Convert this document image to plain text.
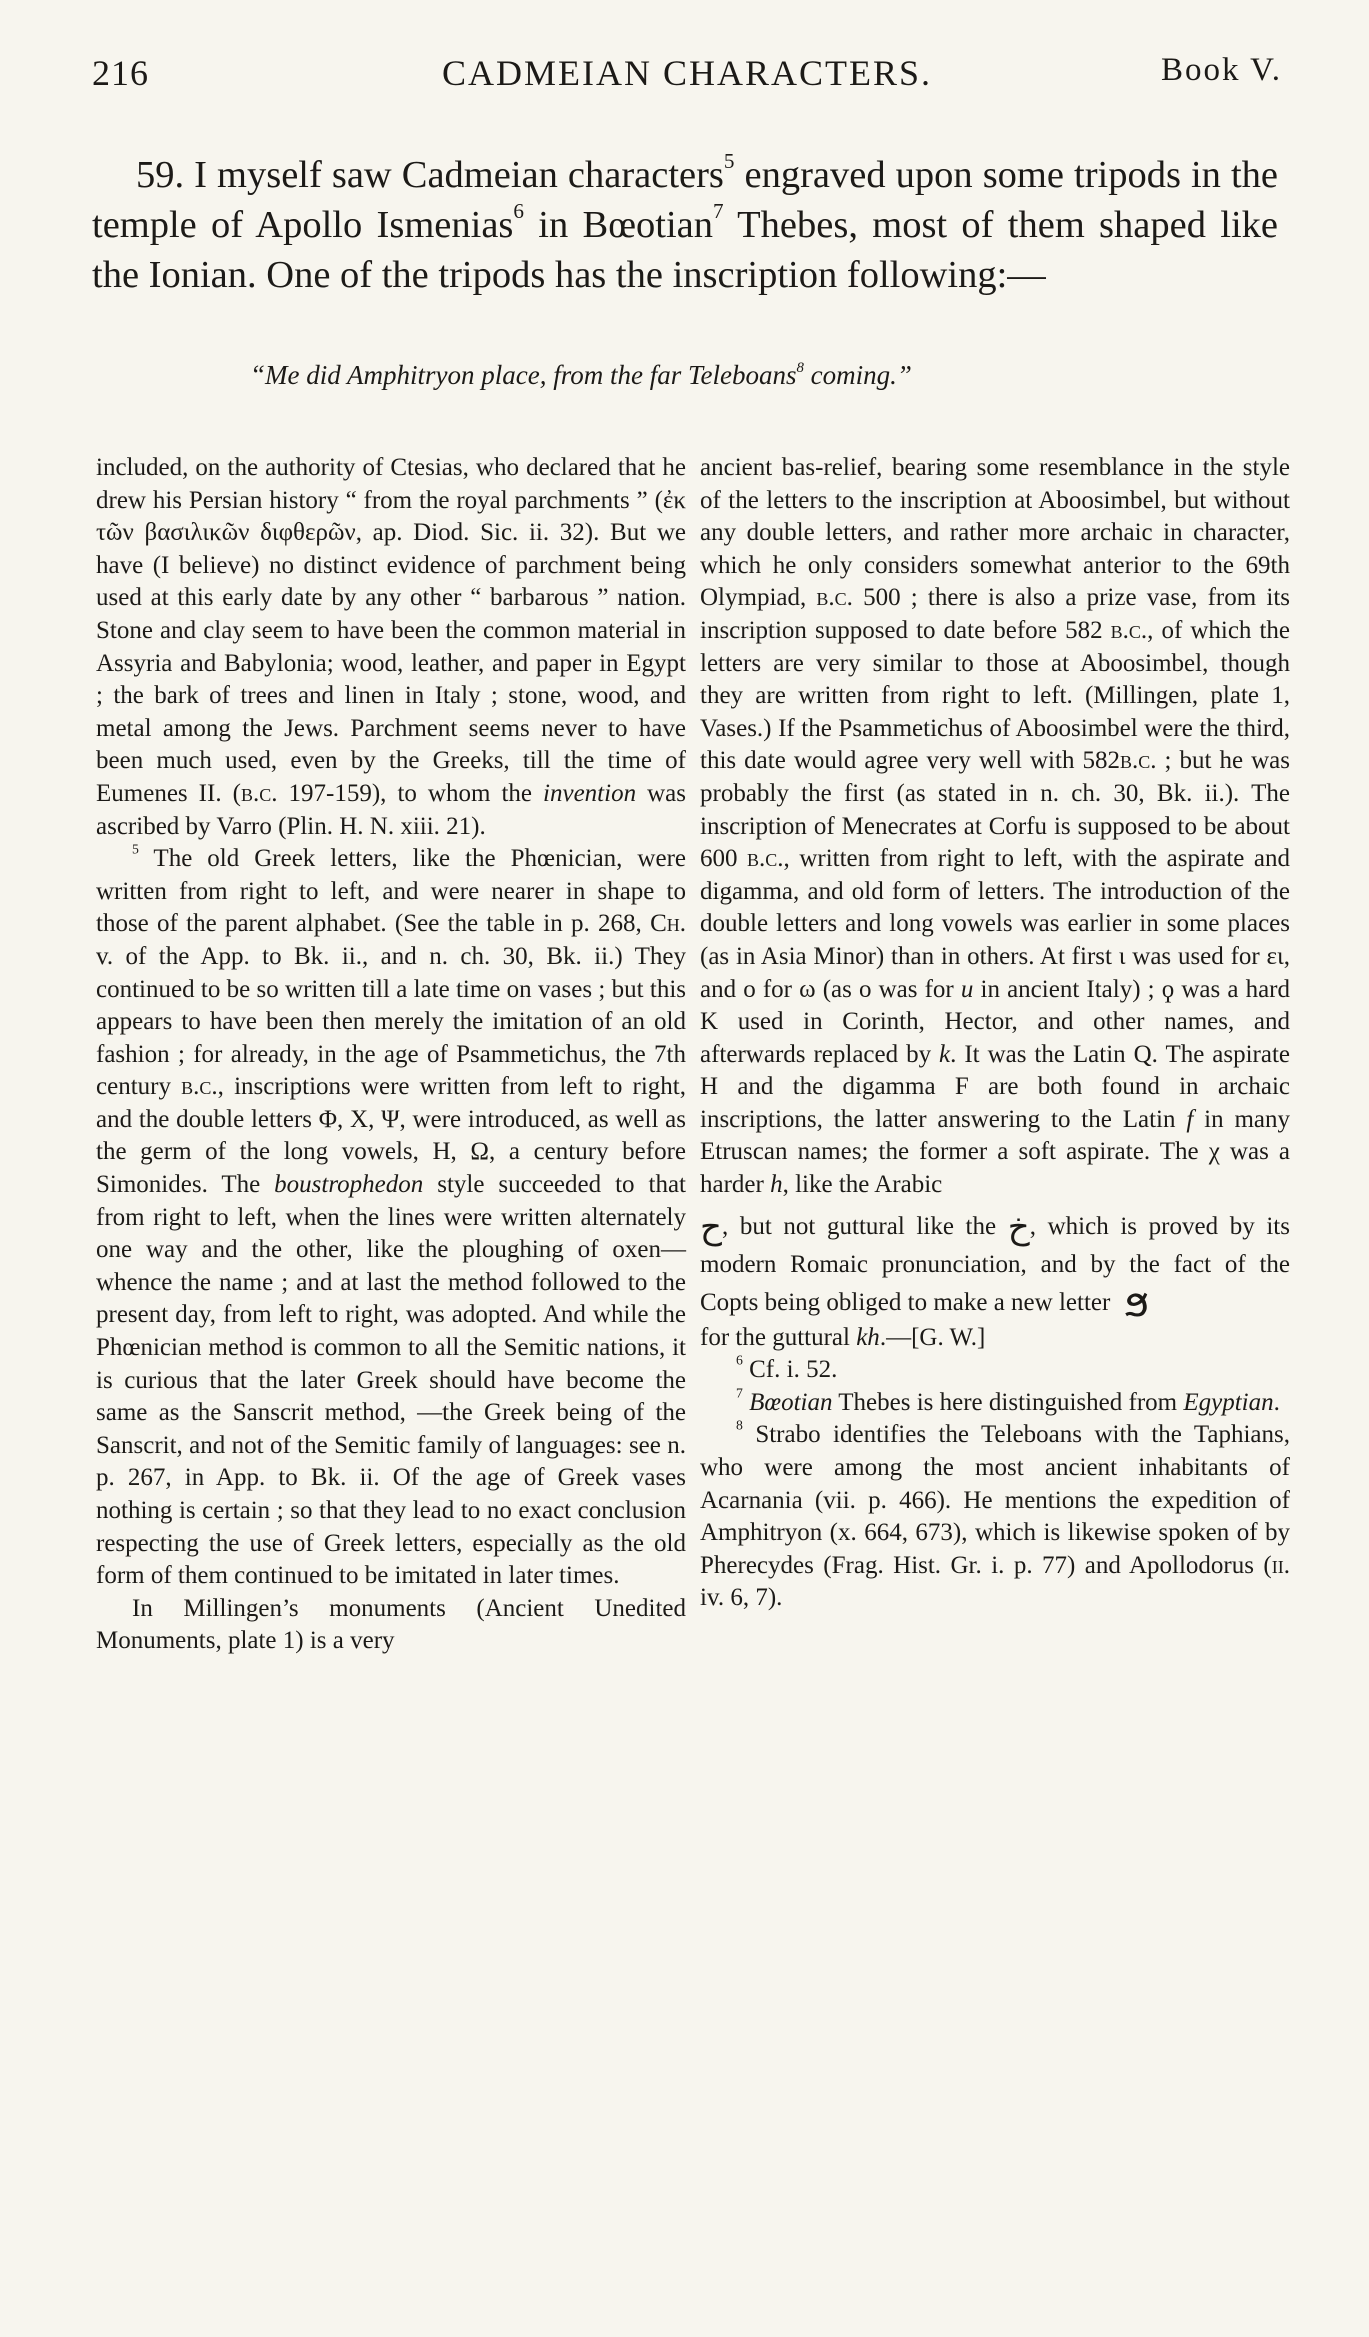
216	CADMEIAN CHARACTERS.	Book V.

59. I myself saw Cadmeian characters$^5$ engraved upon some tripods in the temple of Apollo Ismenias$^6$ in Bœotian$^7$ Thebes, most of them shaped like the Ionian. One of the tripods has the inscription following:—

“Me did Amphitryon place, from the far Teleboans$^8$ coming.”

included, on the authority of Ctesias, who declared that he drew his Persian history “ from the royal parchments ” (ἐκ τῶν βασιλικῶν διφθερῶν, ap. Diod. Sic. ii. 32). But we have (I believe) no distinct evidence of parchment being used at this early date by any other “ barbarous ” nation. Stone and clay seem to have been the common material in Assyria and Babylonia; wood, leather, and paper in Egypt ; the bark of trees and linen in Italy ; stone, wood, and metal among the Jews. Parchment seems never to have been much used, even by the Greeks, till the time of Eumenes II. (b.c. 197-159), to whom the invention was ascribed by Varro (Plin. H. N. xiii. 21).

$^5$ The old Greek letters, like the Phœnician, were written from right to left, and were nearer in shape to those of the parent alphabet. (See the table in p. 268, Ch. v. of the App. to Bk. ii., and n. ch. 30, Bk. ii.) They continued to be so written till a late time on vases ; but this appears to have been then merely the imitation of an old fashion ; for already, in the age of Psammetichus, the 7th century b.c., inscriptions were written from left to right, and the double letters Φ, X, Ψ, were introduced, as well as the germ of the long vowels, H, Ω, a century before Simonides. The boustrophedon style succeeded to that from right to left, when the lines were written alternately one way and the other, like the ploughing of oxen—whence the name ; and at last the method followed to the present day, from left to right, was adopted. And while the Phœnician method is common to all the Semitic nations, it is curious that the later Greek should have become the same as the Sanscrit method, —the Greek being of the Sanscrit, and not of the Semitic family of languages: see n. p. 267, in App. to Bk. ii. Of the age of Greek vases nothing is certain ; so that they lead to no exact conclusion respecting the use of Greek letters, especially as the old form of them continued to be imitated in later times.

In Millingen’s monuments (Ancient Unedited Monuments, plate 1) is a very

ancient bas-relief, bearing some resemblance in the style of the letters to the inscription at Aboosimbel, but without any double letters, and rather more archaic in character, which he only considers somewhat anterior to the 69th Olympiad, b.c. 500 ; there is also a prize vase, from its inscription supposed to date before 582 b.c., of which the letters are very similar to those at Aboosimbel, though they are written from right to left. (Millingen, plate 1, Vases.) If the Psammetichus of Aboosimbel were the third, this date would agree very well with 582b.c. ; but he was probably the first (as stated in n. ch. 30, Bk. ii.). The inscription of Menecrates at Corfu is supposed to be about 600 b.c., written from right to left, with the aspirate and digamma, and old form of letters. The introduction of the double letters and long vowels was earlier in some places (as in Asia Minor) than in others. At first ι was used for ει, and ο for ω (as ο was for u in ancient Italy) ; ϙ was a hard K used in Corinth, Hector, and other names, and afterwards replaced by k. It was the Latin Q. The aspirate H and the digamma F are both found in archaic inscriptions, the latter answering to the Latin f in many Etruscan names; the former a soft aspirate. The χ was a harder h, like the Arabic

ح, but not guttural like the خ, which is proved by its modern Romaic pronunciation, and by the fact of the Copts being obliged to make a new letter ϧ

for the guttural kh.—[G. W.]

$^6$ Cf. i. 52.

$^7$ Bœotian Thebes is here distinguished from Egyptian.

$^8$ Strabo identifies the Teleboans with the Taphians, who were among the most ancient inhabitants of Acarnania (vii. p. 466). He mentions the expedition of Amphitryon (x. 664, 673), which is likewise spoken of by Pherecydes (Frag. Hist. Gr. i. p. 77) and Apollodorus (ii. iv. 6, 7).
